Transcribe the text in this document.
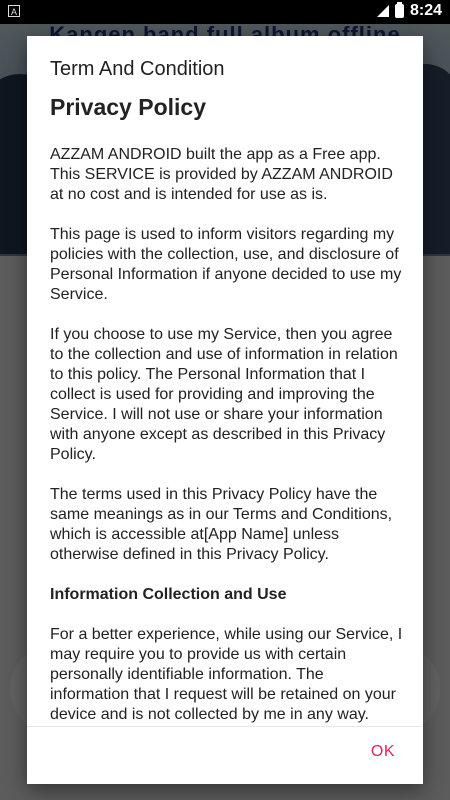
A	8:24
Term And Condition
Privacy Policy

AZZAM ANDROID built the app as a Free app. This SERVICE is provided by AZZAM ANDROID at no cost and is intended for use as is.

This page is used to inform visitors regarding my policies with the collection, use, and disclosure of Personal Information if anyone decided to use my Service.

If you choose to use my Service, then you agree to the collection and use of information in relation to this policy. The Personal Information that I collect is used for providing and improving the Service. I will not use or share your information with anyone except as described in this Privacy Policy.

The terms used in this Privacy Policy have the same meanings as in our Terms and Conditions, which is accessible at[App Name] unless otherwise defined in this Privacy Policy.

Information Collection and Use

For a better experience, while using our Service, I may require you to provide us with certain personally identifiable information. The information that I request will be retained on your device and is not collected by me in any way.

OK
